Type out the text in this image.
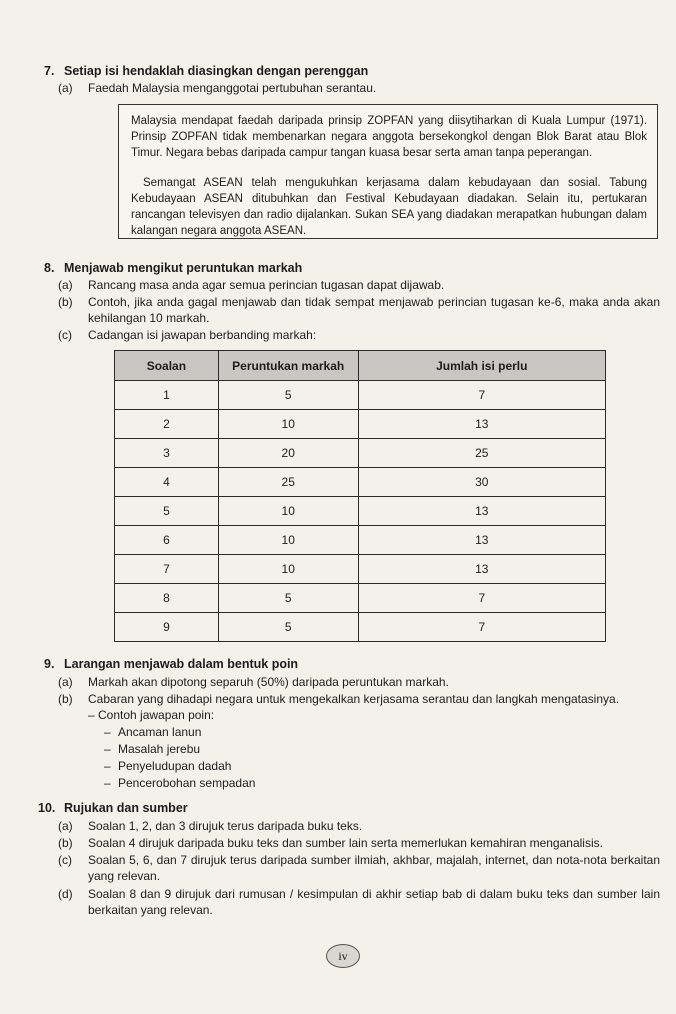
7. Setiap isi hendaklah diasingkan dengan perenggan
(a) Faedah Malaysia menganggotai pertubuhan serantau.

Malaysia mendapat faedah daripada prinsip ZOPFAN yang diisytiharkan di Kuala Lumpur (1971). Prinsip ZOPFAN tidak membenarkan negara anggota bersekongkol dengan Blok Barat atau Blok Timur. Negara bebas daripada campur tangan kuasa besar serta aman tanpa peperangan.

Semangat ASEAN telah mengukuhkan kerjasama dalam kebudayaan dan sosial. Tabung Kebudayaan ASEAN ditubuhkan dan Festival Kebudayaan diadakan. Selain itu, pertukaran rancangan televisyen dan radio dijalankan. Sukan SEA yang diadakan merapatkan hubungan dalam kalangan negara anggota ASEAN.

8. Menjawab mengikut peruntukan markah
(a) Rancang masa anda agar semua perincian tugasan dapat dijawab.
(b) Contoh, jika anda gagal menjawab dan tidak sempat menjawab perincian tugasan ke-6, maka anda akan kehilangan 10 markah.
(c) Cadangan isi jawapan berbanding markah:
Soalan	Peruntukan markah	Jumlah isi perlu
1	5	7
2	10	13
3	20	25
4	25	30
5	10	13
6	10	13
7	10	13
8	5	7
9	5	7
9. Larangan menjawab dalam bentuk poin
(a) Markah akan dipotong separuh (50%) daripada peruntukan markah.
(b) Cabaran yang dihadapi negara untuk mengekalkan kerjasama serantau dan langkah mengatasinya.
– Contoh jawapan poin:
– Ancaman lanun
– Masalah jerebu
– Penyeludupan dadah
– Pencerobohan sempadan
10. Rujukan dan sumber
(a) Soalan 1, 2, dan 3 dirujuk terus daripada buku teks.
(b) Soalan 4 dirujuk daripada buku teks dan sumber lain serta memerlukan kemahiran menganalisis.
(c) Soalan 5, 6, dan 7 dirujuk terus daripada sumber ilmiah, akhbar, majalah, internet, dan nota-nota berkaitan yang relevan.
(d) Soalan 8 dan 9 dirujuk dari rumusan / kesimpulan di akhir setiap bab di dalam buku teks dan sumber lain berkaitan yang relevan.
iv
